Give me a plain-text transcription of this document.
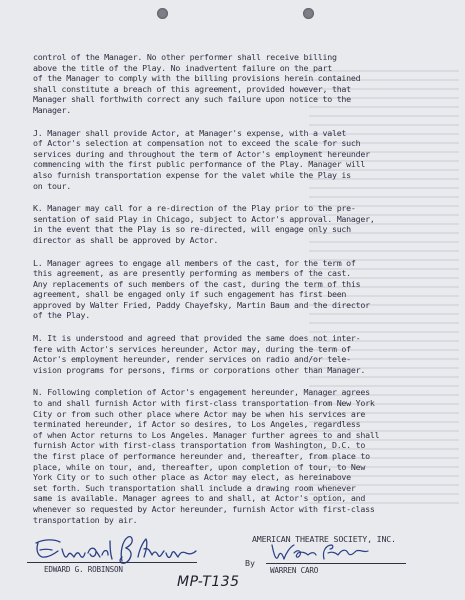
control of the Manager. No other performer shall receive billing
above the title of the Play. No inadvertent failure on the part
of the Manager to comply with the billing provisions herein contained
shall constitute a breach of this agreement, provided however, that
Manager shall forthwith correct any such failure upon notice to the
Manager.

J. Manager shall provide Actor, at Manager's expense, with a valet
of Actor's selection at compensation not to exceed the scale for such
services during and throughout the term of Actor's employment hereunder
commencing with the first public performance of the Play. Manager will
also furnish transportation expense for the valet while the Play is
on tour.

K. Manager may call for a re-direction of the Play prior to the pre-
sentation of said Play in Chicago, subject to Actor's approval. Manager,
in the event that the Play is so re-directed, will engage only such
director as shall be approved by Actor.

L. Manager agrees to engage all members of the cast, for the term of
this agreement, as are presently performing as members of the cast.
Any replacements of such members of the cast, during the term of this
agreement, shall be engaged only if such engagement has first been
approved by Walter Fried, Paddy Chayefsky, Martin Baum and the director
of the Play.

M. It is understood and agreed that provided the same does not inter-
fere with Actor's services hereunder, Actor may, during the term of
Actor's employment hereunder, render services on radio and/or tele-
vision programs for persons, firms or corporations other than Manager.

N. Following completion of Actor's engagement hereunder, Manager agrees
to and shall furnish Actor with first-class transportation from New York
City or from such other place where Actor may be when his services are
terminated hereunder, if Actor so desires, to Los Angeles, regardless
of when Actor returns to Los Angeles. Manager further agrees to and shall
furnish Actor with first-class transportation from Washington, D.C. to
the first place of performance hereunder and, thereafter, from place to
place, while on tour, and, thereafter, upon completion of tour, to New
York City or to such other place as Actor may elect, as hereinabove
set forth. Such transportation shall include a drawing room whenever
same is available. Manager agrees to and shall, at Actor's option, and
whenever so requested by Actor hereunder, furnish Actor with first-class
transportation by air.

AMERICAN THEATRE SOCIETY, INC.
By
EDWARD G. ROBINSON	WARREN CARO
MP-T135
